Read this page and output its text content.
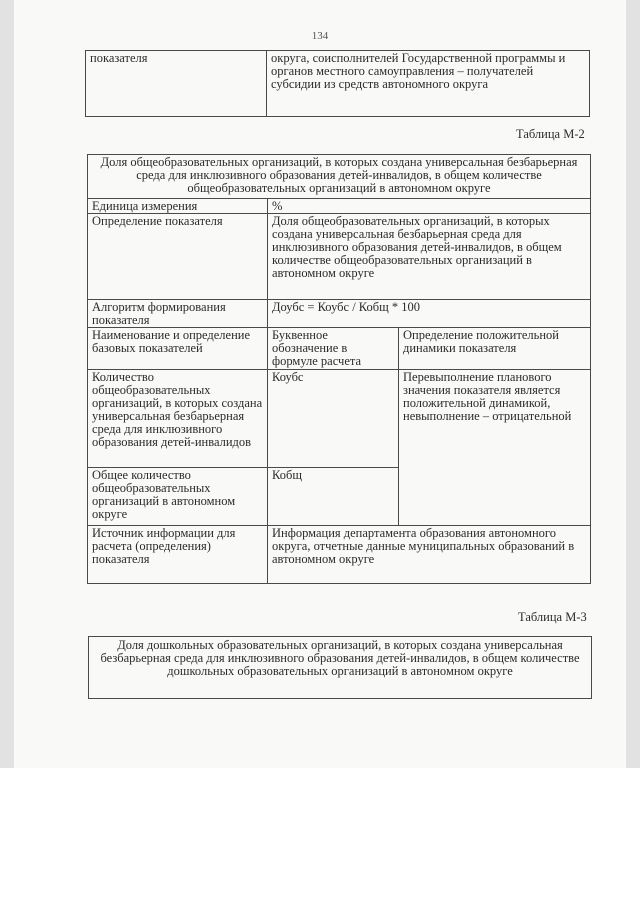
134
показателя	округа, соисполнителей Государственной программы и органов местного самоуправления – получателей субсидии из средств автономного округа
Таблица М-2
Доля общеобразовательных организаций, в которых создана универсальная безбарьерная среда для инклюзивного образования детей-инвалидов, в общем количестве общеобразовательных организаций в автономном округе		
Единица измерения	%	
Определение показателя	Доля общеобразовательных организаций, в которых создана универсальная безбарьерная среда для инклюзивного образования детей-инвалидов, в общем количестве общеобразовательных организаций в автономном округе	
Алгоритм формирования показателя	Доубс = Коубс / Кобщ * 100	
Наименование и определение базовых показателей	Буквенное обозначение в формуле расчета	Определение положительной динамики показателя
Количество общеобразовательных организаций, в которых создана универсальная безбарьерная среда для инклюзивного образования детей-инвалидов	Коубс	Перевыполнение планового значения показателя является положительной динамикой, невыполнение – отрицательной
Общее количество общеобразовательных организаций в автономном округе	Кобщ	
Источник информации для расчета (определения) показателя	Информация департамента образования автономного округа, отчетные данные муниципальных образований в автономном округе	
Таблица М-3
Доля дошкольных образовательных организаций, в которых создана универсальная безбарьерная среда для инклюзивного образования детей-инвалидов, в общем количестве дошкольных образовательных организаций в автономном округе
